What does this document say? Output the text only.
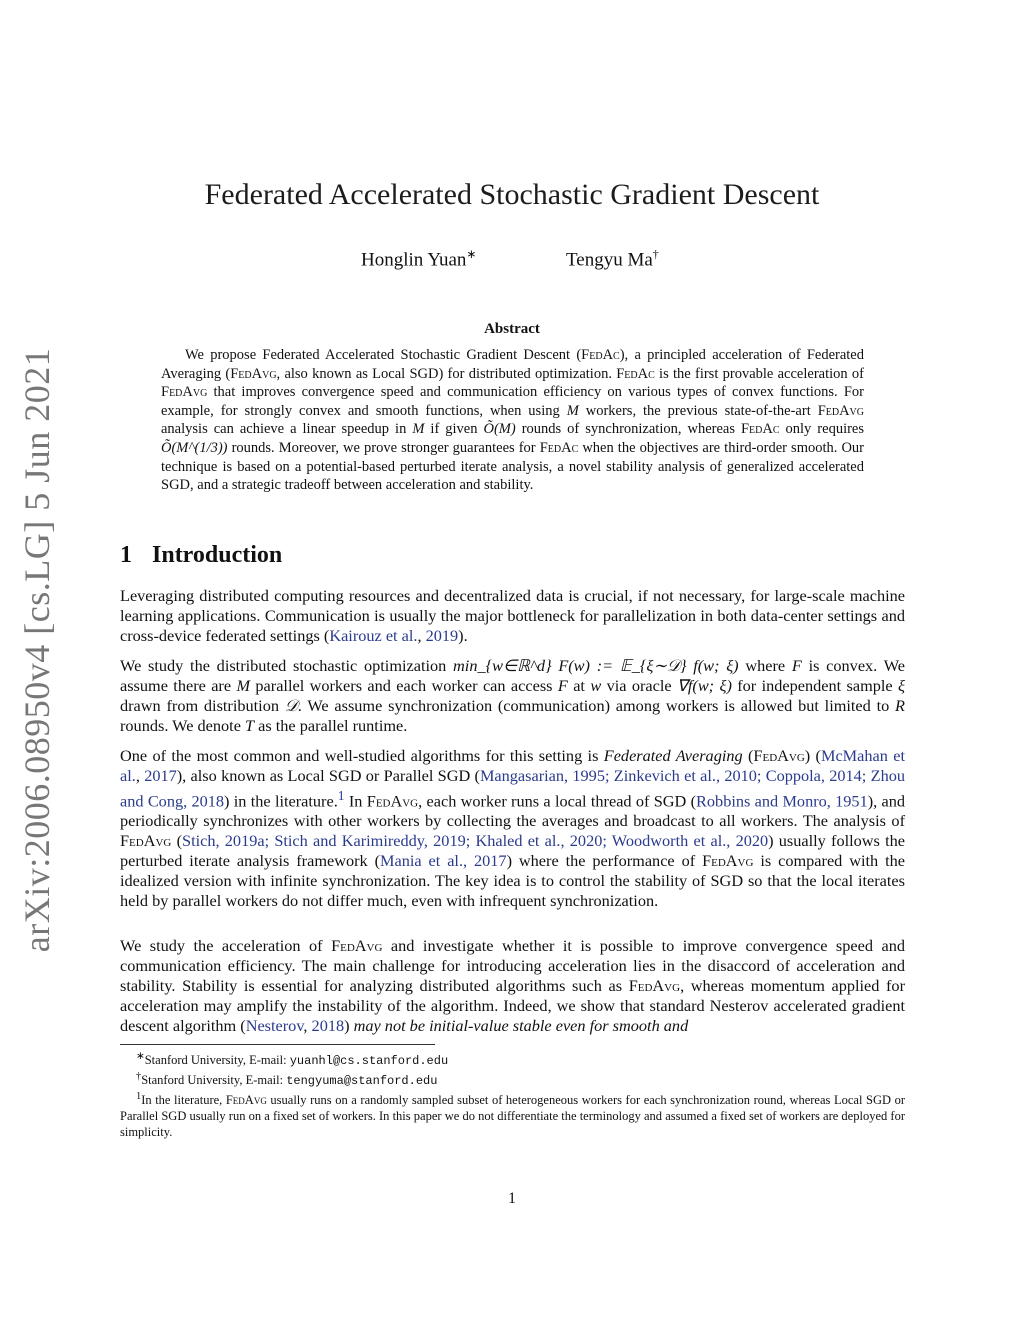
arXiv:2006.08950v4 [cs.LG] 5 Jun 2021
Federated Accelerated Stochastic Gradient Descent
Honglin Yuan∗	Tengyu Ma†
Abstract

We propose Federated Accelerated Stochastic Gradient Descent (FedAc), a principled acceleration of Federated Averaging (FedAvg, also known as Local SGD) for distributed optimization. FedAc is the first provable acceleration of FedAvg that improves convergence speed and communication efficiency on various types of convex functions. For example, for strongly convex and smooth functions, when using M workers, the previous state-of-the-art FedAvg analysis can achieve a linear speedup in M if given Õ(M) rounds of synchronization, whereas FedAc only requires Õ(M^(1/3)) rounds. Moreover, we prove stronger guarantees for FedAc when the objectives are third-order smooth. Our technique is based on a potential-based perturbed iterate analysis, a novel stability analysis of generalized accelerated SGD, and a strategic tradeoff between acceleration and stability.

1 Introduction

Leveraging distributed computing resources and decentralized data is crucial, if not necessary, for large-scale machine learning applications. Communication is usually the major bottleneck for parallelization in both data-center settings and cross-device federated settings (Kairouz et al., 2019).

We study the distributed stochastic optimization min_{w∈ℝ^d} F(w) := 𝔼_{ξ∼𝒟} f(w; ξ) where F is convex. We assume there are M parallel workers and each worker can access F at w via oracle ∇f(w; ξ) for independent sample ξ drawn from distribution 𝒟. We assume synchronization (communication) among workers is allowed but limited to R rounds. We denote T as the parallel runtime.

One of the most common and well-studied algorithms for this setting is Federated Averaging (FedAvg) (McMahan et al., 2017), also known as Local SGD or Parallel SGD (Mangasarian, 1995; Zinkevich et al., 2010; Coppola, 2014; Zhou and Cong, 2018) in the literature.$^1$ In FedAvg, each worker runs a local thread of SGD (Robbins and Monro, 1951), and periodically synchronizes with other workers by collecting the averages and broadcast to all workers. The analysis of FedAvg (Stich, 2019a; Stich and Karimireddy, 2019; Khaled et al., 2020; Woodworth et al., 2020) usually follows the perturbed iterate analysis framework (Mania et al., 2017) where the performance of FedAvg is compared with the idealized version with infinite synchronization. The key idea is to control the stability of SGD so that the local iterates held by parallel workers do not differ much, even with infrequent synchronization.

We study the acceleration of FedAvg and investigate whether it is possible to improve convergence speed and communication efficiency. The main challenge for introducing acceleration lies in the disaccord of acceleration and stability. Stability is essential for analyzing distributed algorithms such as FedAvg, whereas momentum applied for acceleration may amplify the instability of the algorithm. Indeed, we show that standard Nesterov accelerated gradient descent algorithm (Nesterov, 2018) may not be initial-value stable even for smooth and

∗Stanford University, E-mail: yuanhl@cs.stanford.edu

†Stanford University, E-mail: tengyuma@stanford.edu

$^1$In the literature, FedAvg usually runs on a randomly sampled subset of heterogeneous workers for each synchronization round, whereas Local SGD or Parallel SGD usually run on a fixed set of workers. In this paper we do not differentiate the terminology and assumed a fixed set of workers are deployed for simplicity.

1
